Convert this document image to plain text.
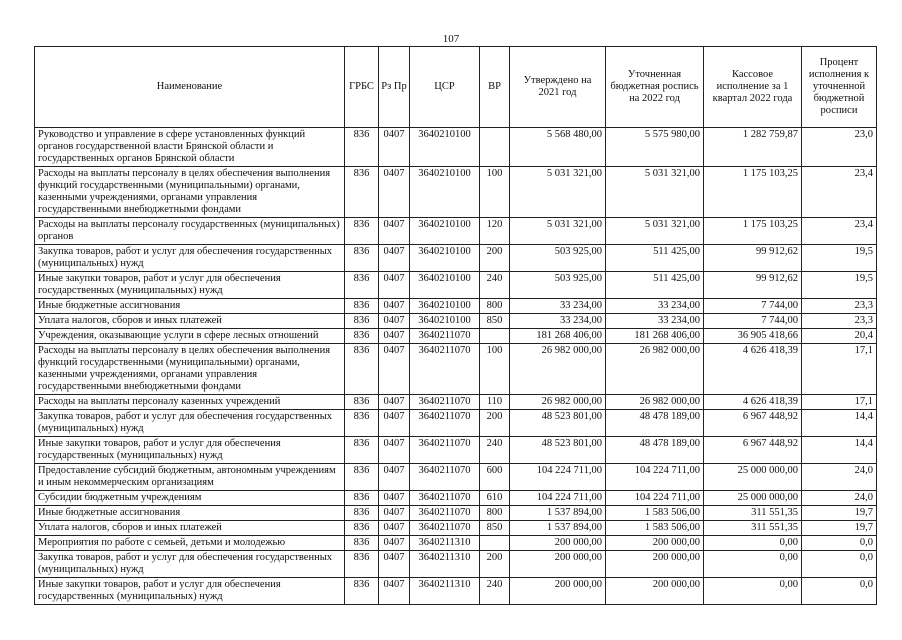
107
Наименование	ГРБС	Рз Пр	ЦСР	ВР	Утверждено на 2021 год	Уточненная бюджетная роспись на 2022 год	Кассовое исполнение за 1 квартал 2022 года	Процент исполнения к уточненной бюджетной росписи
Руководство и управление в сфере установленных функций органов государственной власти Брянской области и государственных органов Брянской области	836	0407	3640210100		5 568 480,00	5 575 980,00	1 282 759,87	23,0
Расходы на выплаты персоналу в целях обеспечения выполнения функций государственными (муниципальными) органами, казенными учреждениями, органами управления государственными внебюджетными фондами	836	0407	3640210100	100	5 031 321,00	5 031 321,00	1 175 103,25	23,4
Расходы на выплаты персоналу государственных (муниципальных) органов	836	0407	3640210100	120	5 031 321,00	5 031 321,00	1 175 103,25	23,4
Закупка товаров, работ и услуг для обеспечения государственных (муниципальных) нужд	836	0407	3640210100	200	503 925,00	511 425,00	99 912,62	19,5
Иные закупки товаров, работ и услуг для обеспечения государственных (муниципальных) нужд	836	0407	3640210100	240	503 925,00	511 425,00	99 912,62	19,5
Иные бюджетные ассигнования	836	0407	3640210100	800	33 234,00	33 234,00	7 744,00	23,3
Уплата налогов, сборов и иных платежей	836	0407	3640210100	850	33 234,00	33 234,00	7 744,00	23,3
Учреждения, оказывающие услуги в сфере лесных отношений	836	0407	3640211070		181 268 406,00	181 268 406,00	36 905 418,66	20,4
Расходы на выплаты персоналу в целях обеспечения выполнения функций государственными (муниципальными) органами, казенными учреждениями, органами управления государственными внебюджетными фондами	836	0407	3640211070	100	26 982 000,00	26 982 000,00	4 626 418,39	17,1
Расходы на выплаты персоналу казенных учреждений	836	0407	3640211070	110	26 982 000,00	26 982 000,00	4 626 418,39	17,1
Закупка товаров, работ и услуг для обеспечения государственных (муниципальных) нужд	836	0407	3640211070	200	48 523 801,00	48 478 189,00	6 967 448,92	14,4
Иные закупки товаров, работ и услуг для обеспечения государственных (муниципальных) нужд	836	0407	3640211070	240	48 523 801,00	48 478 189,00	6 967 448,92	14,4
Предоставление субсидий бюджетным, автономным учреждениям и иным некоммерческим организациям	836	0407	3640211070	600	104 224 711,00	104 224 711,00	25 000 000,00	24,0
Субсидии бюджетным учреждениям	836	0407	3640211070	610	104 224 711,00	104 224 711,00	25 000 000,00	24,0
Иные бюджетные ассигнования	836	0407	3640211070	800	1 537 894,00	1 583 506,00	311 551,35	19,7
Уплата налогов, сборов и иных платежей	836	0407	3640211070	850	1 537 894,00	1 583 506,00	311 551,35	19,7
Мероприятия по работе с семьей, детьми и молодежью	836	0407	3640211310		200 000,00	200 000,00	0,00	0,0
Закупка товаров, работ и услуг для обеспечения государственных (муниципальных) нужд	836	0407	3640211310	200	200 000,00	200 000,00	0,00	0,0
Иные закупки товаров, работ и услуг для обеспечения государственных (муниципальных) нужд	836	0407	3640211310	240	200 000,00	200 000,00	0,00	0,0
